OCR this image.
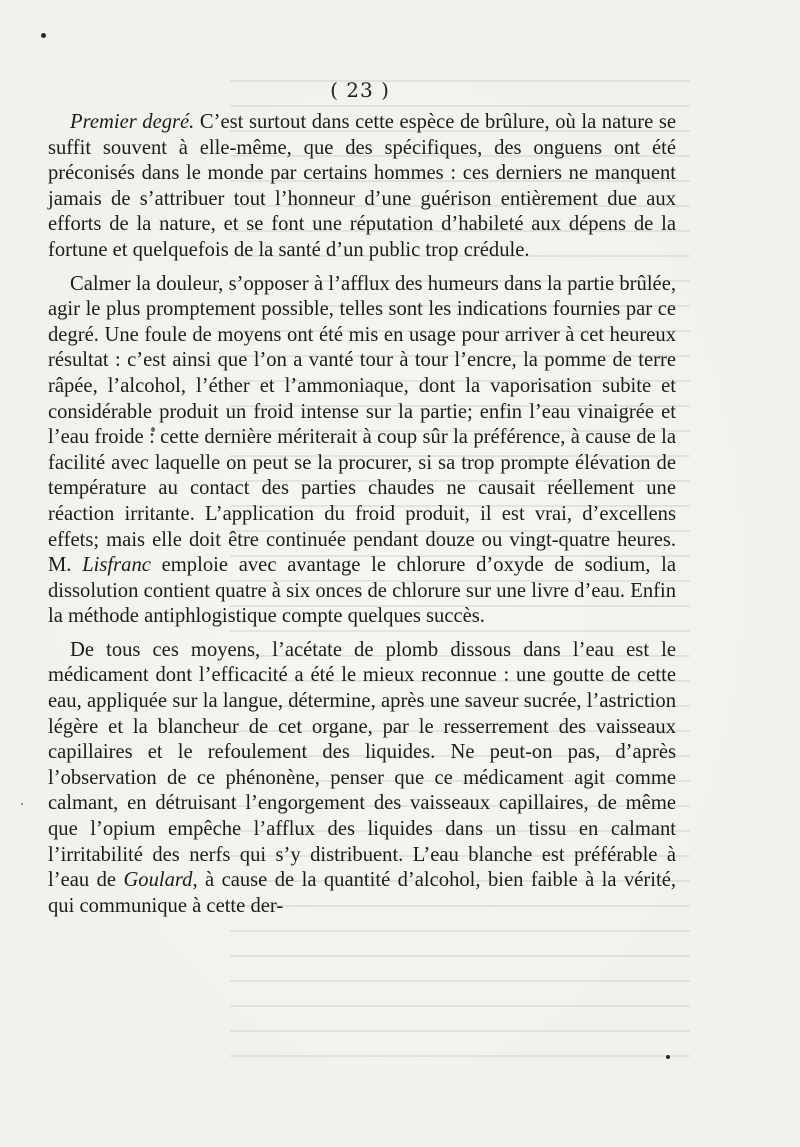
( 23 )

Premier degré. C’est surtout dans cette espèce de brûlure, où la nature se suffit souvent à elle-même, que des spécifiques, des onguens ont été préconisés dans le monde par certains hommes : ces derniers ne manquent jamais de s’attribuer tout l’honneur d’une guérison entièrement due aux efforts de la nature, et se font une réputation d’habileté aux dépens de la fortune et quelquefois de la santé d’un public trop crédule.

Calmer la douleur, s’opposer à l’afflux des humeurs dans la partie brûlée, agir le plus promptement possible, telles sont les indications fournies par ce degré. Une foule de moyens ont été mis en usage pour arriver à cet heureux résultat : c’est ainsi que l’on a vanté tour à tour l’encre, la pomme de terre râpée, l’alcohol, l’éther et l’ammoniaque, dont la vaporisation subite et considérable produit un froid intense sur la partie; enfin l’eau vinaigrée et l’eau froide : cette dernière mériterait à coup sûr la préférence, à cause de la facilité avec laquelle on peut se la procurer, si sa trop prompte élévation de température au contact des parties chaudes ne causait réellement une réaction irritante. L’application du froid produit, il est vrai, d’excellens effets; mais elle doit être continuée pendant douze ou vingt-quatre heures. M. Lisfranc emploie avec avantage le chlorure d’oxyde de sodium, la dissolution contient quatre à six onces de chlorure sur une livre d’eau. Enfin la méthode antiphlogistique compte quelques succès.

De tous ces moyens, l’acétate de plomb dissous dans l’eau est le médicament dont l’efficacité a été le mieux reconnue : une goutte de cette eau, appliquée sur la langue, détermine, après une saveur sucrée, l’astriction légère et la blancheur de cet organe, par le resserrement des vaisseaux capillaires et le refoulement des liquides. Ne peut-on pas, d’après l’observation de ce phénonène, penser que ce médicament agit comme calmant, en détruisant l’engorgement des vaisseaux capillaires, de même que l’opium empêche l’afflux des liquides dans un tissu en calmant l’irritabilité des nerfs qui s’y distribuent. L’eau blanche est préférable à l’eau de Goulard, à cause de la quantité d’alcohol, bien faible à la vérité, qui communique à cette der-
